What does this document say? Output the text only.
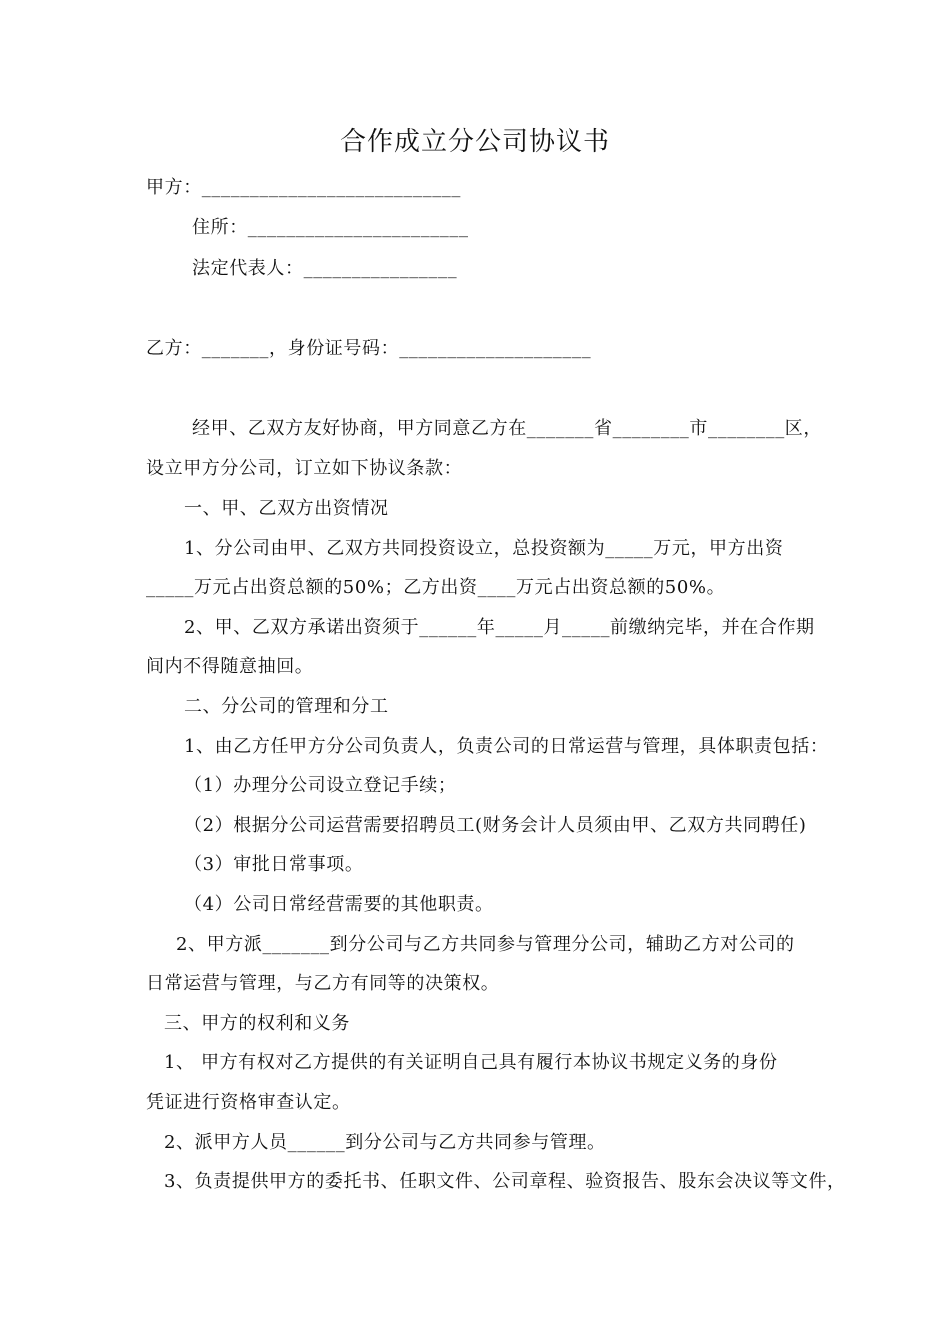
合作成立分公司协议书
甲方：___________________________
住所：_______________________
法定代表人：________________
乙方：_______，身份证号码：____________________
经甲、乙双方友好协商，甲方同意乙方在_______省________市________区，
设立甲方分公司，订立如下协议条款：
一、甲、乙双方出资情况
1、分公司由甲、乙双方共同投资设立，总投资额为_____万元，甲方出资
_____万元占出资总额的50%；乙方出资____万元占出资总额的50%。
2、甲、乙双方承诺出资须于______年_____月_____前缴纳完毕，并在合作期
间内不得随意抽回。
二、分公司的管理和分工
1、由乙方任甲方分公司负责人，负责公司的日常运营与管理，具体职责包括：
（1）办理分公司设立登记手续；
（2）根据分公司运营需要招聘员工(财务会计人员须由甲、乙双方共同聘任)
（3）审批日常事项。
（4）公司日常经营需要的其他职责。
2、甲方派_______到分公司与乙方共同参与管理分公司，辅助乙方对公司的
日常运营与管理，与乙方有同等的决策权。
三、甲方的权利和义务
1、 甲方有权对乙方提供的有关证明自己具有履行本协议书规定义务的身份
凭证进行资格审查认定。
2、派甲方人员______到分公司与乙方共同参与管理。
3、负责提供甲方的委托书、任职文件、公司章程、验资报告、股东会决议等文件，
